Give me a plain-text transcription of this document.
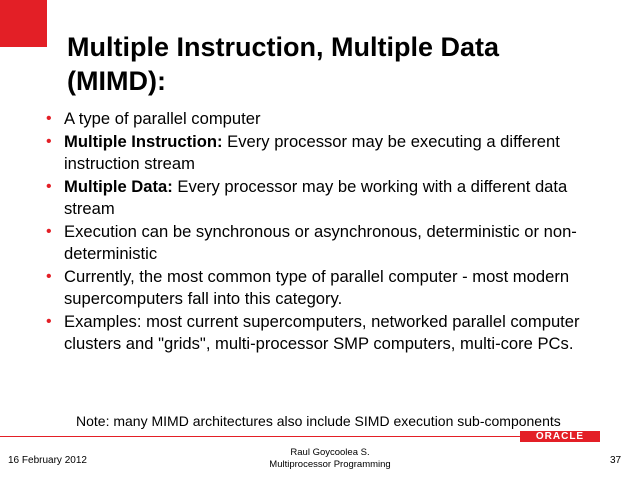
Multiple Instruction, Multiple Data
(MIMD):
• A type of parallel computer
• Multiple Instruction: Every processor may be executing a different instruction stream
• Multiple Data: Every processor may be working with a different data stream
• Execution can be synchronous or asynchronous, deterministic or non-deterministic
• Currently, the most common type of parallel computer - most modern supercomputers fall into this category.
• Examples: most current supercomputers, networked parallel computer clusters and "grids", multi-processor SMP computers, multi-core PCs.
Note: many MIMD architectures also include SIMD execution sub-components
ORACLE
16 February 2012
Raul Goycoolea S.
Multiprocessor Programming	37
